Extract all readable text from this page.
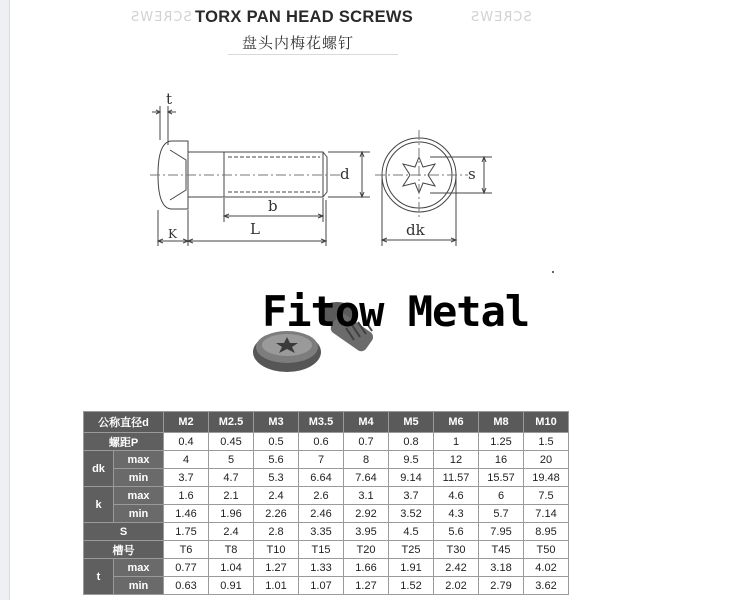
SCREWS	SCREWS
TORX PAN HEAD SCREWS
盘头内梅花螺钉
t
d
b
K	L
s
dk
Fitow Metal
公称直径d		M2	M2.5	M3	M3.5	M4	M5	M6	M8	M10
螺距P		0.4	0.45	0.5	0.6	0.7	0.8	1	1.25	1.5
dk	max	4	5	5.6	7	8	9.5	12	16	20
	min	3.7	4.7	5.3	6.64	7.64	9.14	11.57	15.57	19.48
k	max	1.6	2.1	2.4	2.6	3.1	3.7	4.6	6	7.5
	min	1.46	1.96	2.26	2.46	2.92	3.52	4.3	5.7	7.14
S		1.75	2.4	2.8	3.35	3.95	4.5	5.6	7.95	8.95
槽号		T6	T8	T10	T15	T20	T25	T30	T45	T50
t	max	0.77	1.04	1.27	1.33	1.66	1.91	2.42	3.18	4.02
	min	0.63	0.91	1.01	1.07	1.27	1.52	2.02	2.79	3.62
